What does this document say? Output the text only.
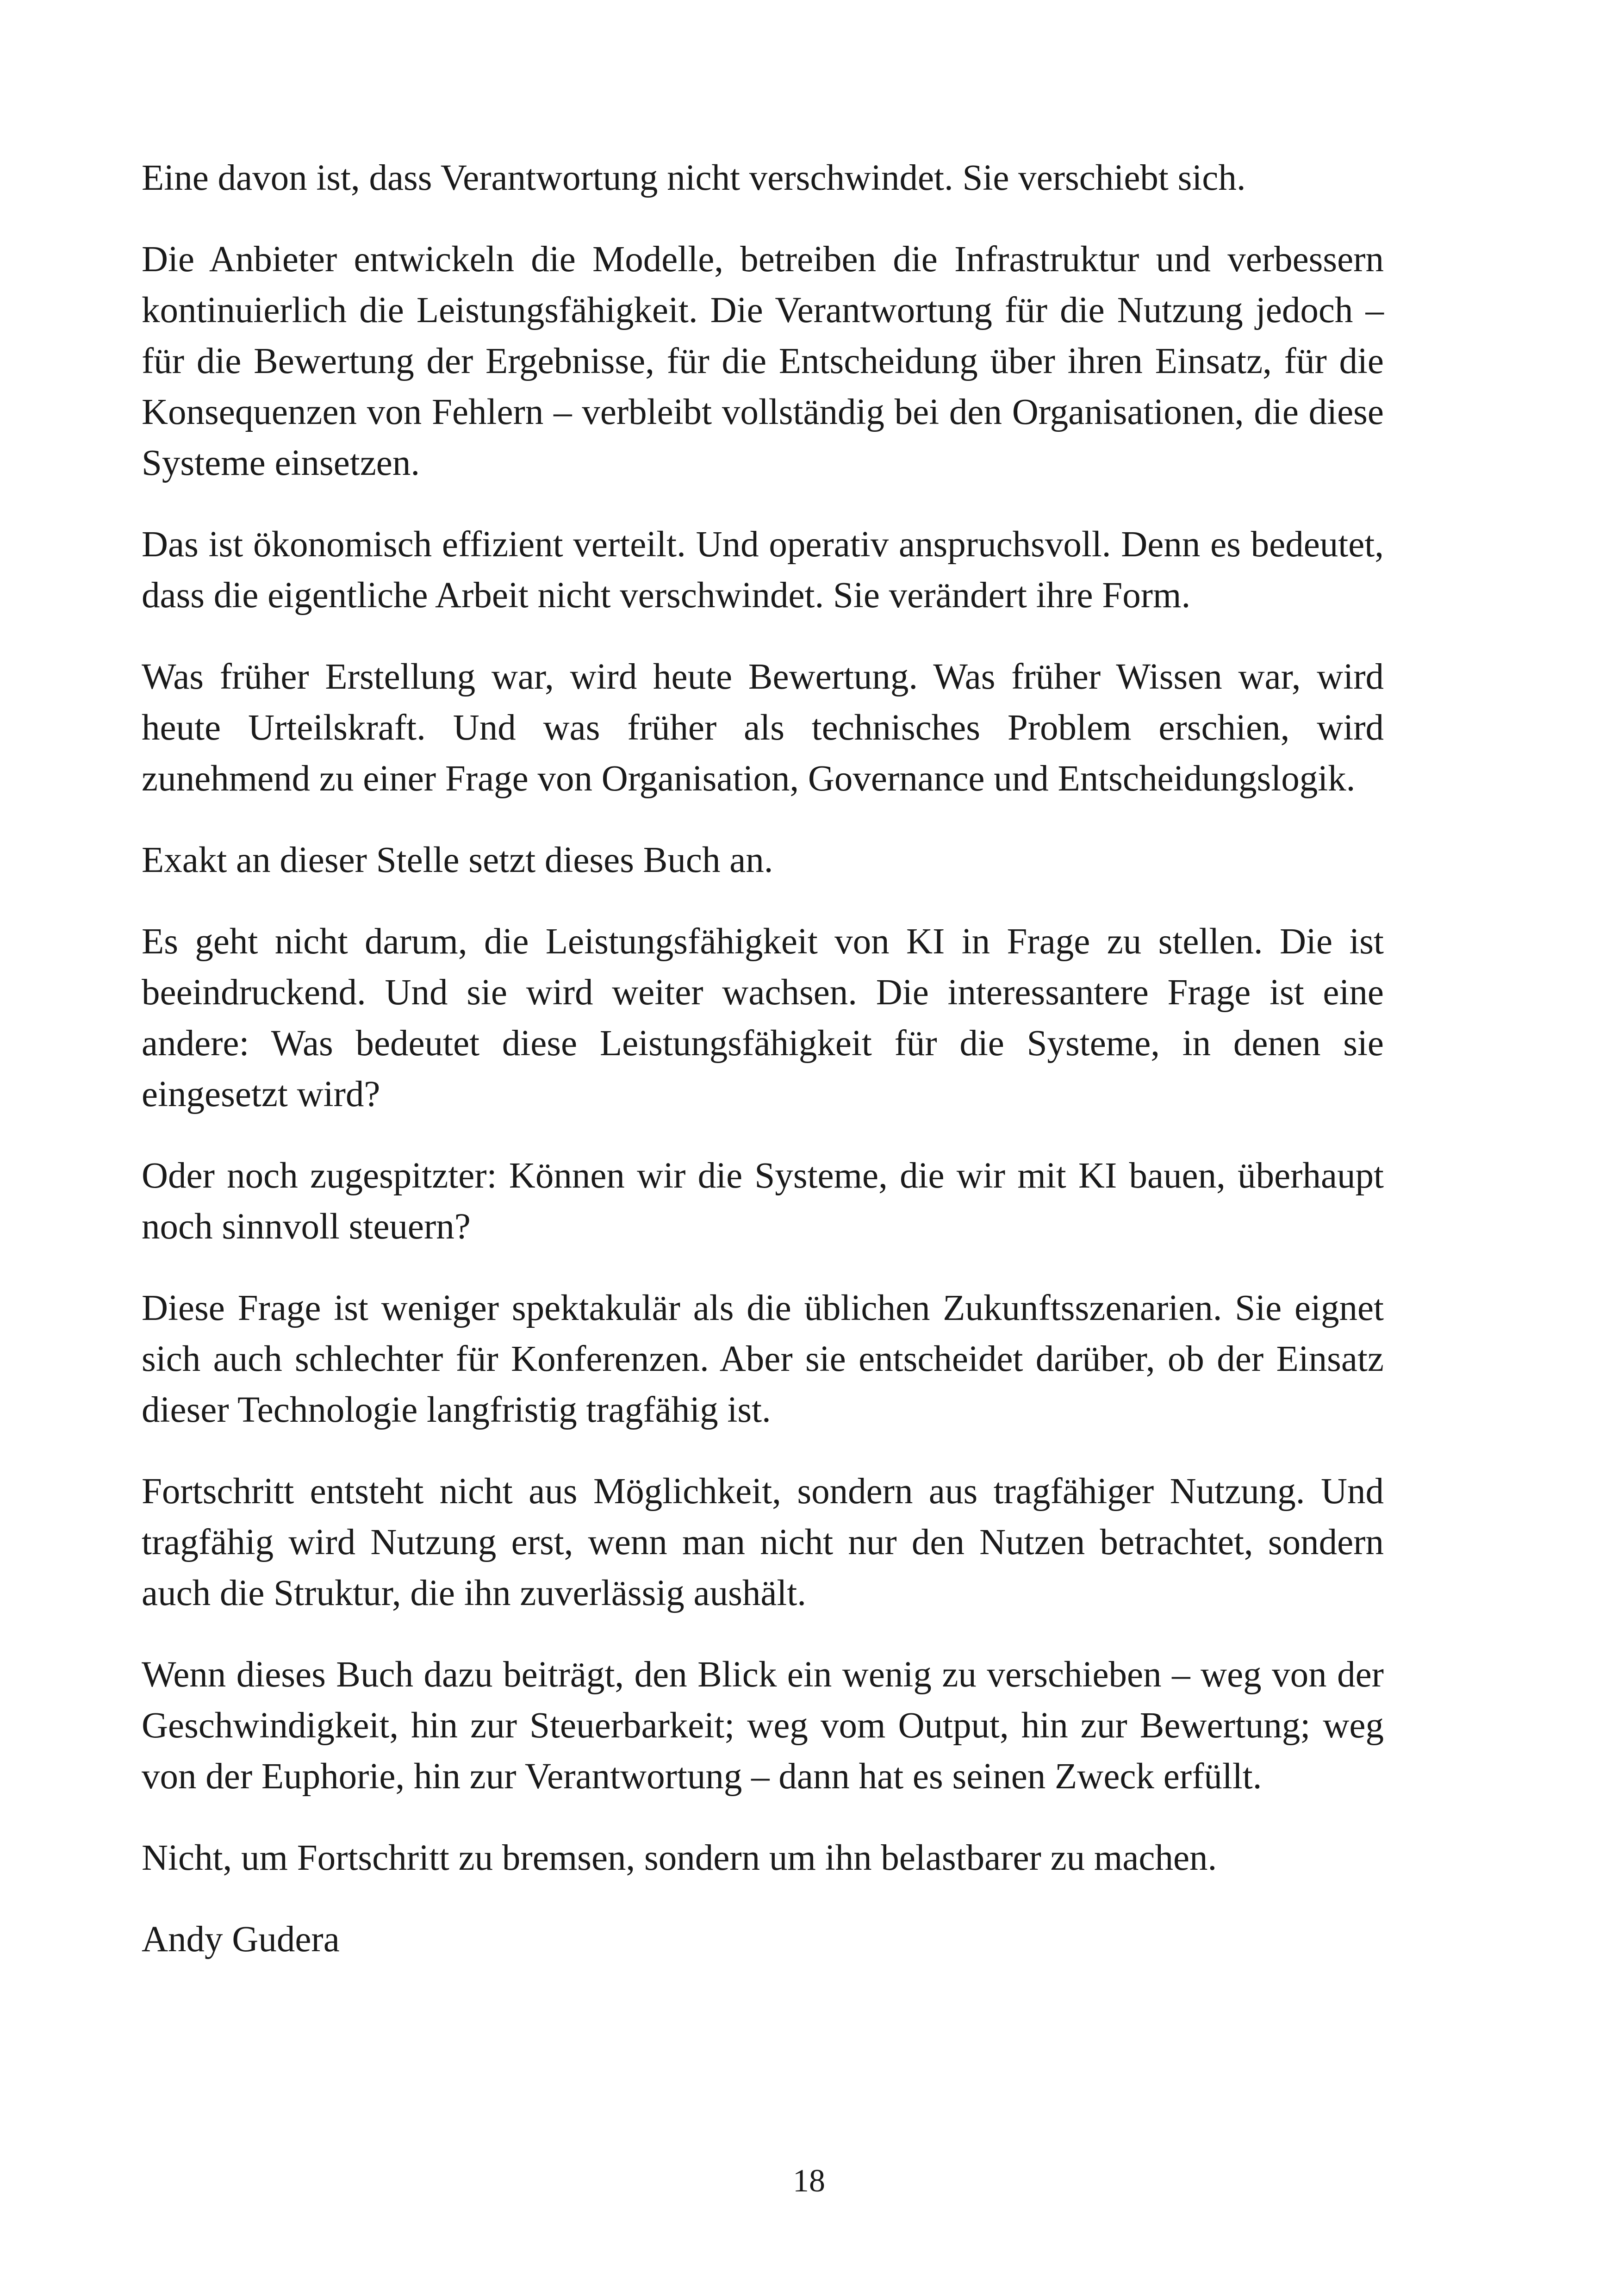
Eine davon ist, dass Verantwortung nicht verschwindet. Sie verschiebt sich.

Die Anbieter entwickeln die Modelle, betreiben die Infrastruktur und verbessern kontinuierlich die Leistungsfähigkeit. Die Verantwortung für die Nutzung jedoch – für die Bewertung der Ergebnisse, für die Entscheidung über ihren Einsatz, für die Konsequenzen von Fehlern – verbleibt vollständig bei den Organisationen, die diese Systeme einsetzen.

Das ist ökonomisch effizient verteilt. Und operativ anspruchsvoll. Denn es bedeutet, dass die eigentliche Arbeit nicht verschwindet. Sie verändert ihre Form.

Was früher Erstellung war, wird heute Bewertung. Was früher Wissen war, wird heute Urteilskraft. Und was früher als technisches Problem erschien, wird zunehmend zu einer Frage von Organisation, Governance und Entscheidungslogik.

Exakt an dieser Stelle setzt dieses Buch an.

Es geht nicht darum, die Leistungsfähigkeit von KI in Frage zu stellen. Die ist beeindruckend. Und sie wird weiter wachsen. Die interessantere Frage ist eine andere: Was bedeutet diese Leistungsfähigkeit für die Systeme, in denen sie eingesetzt wird?

Oder noch zugespitzter: Können wir die Systeme, die wir mit KI bauen, überhaupt noch sinnvoll steuern?

Diese Frage ist weniger spektakulär als die üblichen Zukunftsszenarien. Sie eignet sich auch schlechter für Konferenzen. Aber sie entscheidet darüber, ob der Einsatz dieser Technologie langfristig tragfähig ist.

Fortschritt entsteht nicht aus Möglichkeit, sondern aus tragfähiger Nutzung. Und tragfähig wird Nutzung erst, wenn man nicht nur den Nutzen betrachtet, sondern auch die Struktur, die ihn zuverlässig aushält.

Wenn dieses Buch dazu beiträgt, den Blick ein wenig zu verschieben – weg von der Geschwindigkeit, hin zur Steuerbarkeit; weg vom Output, hin zur Bewertung; weg von der Euphorie, hin zur Verantwortung – dann hat es seinen Zweck erfüllt.

Nicht, um Fortschritt zu bremsen, sondern um ihn belastbarer zu machen.

Andy Gudera

18
